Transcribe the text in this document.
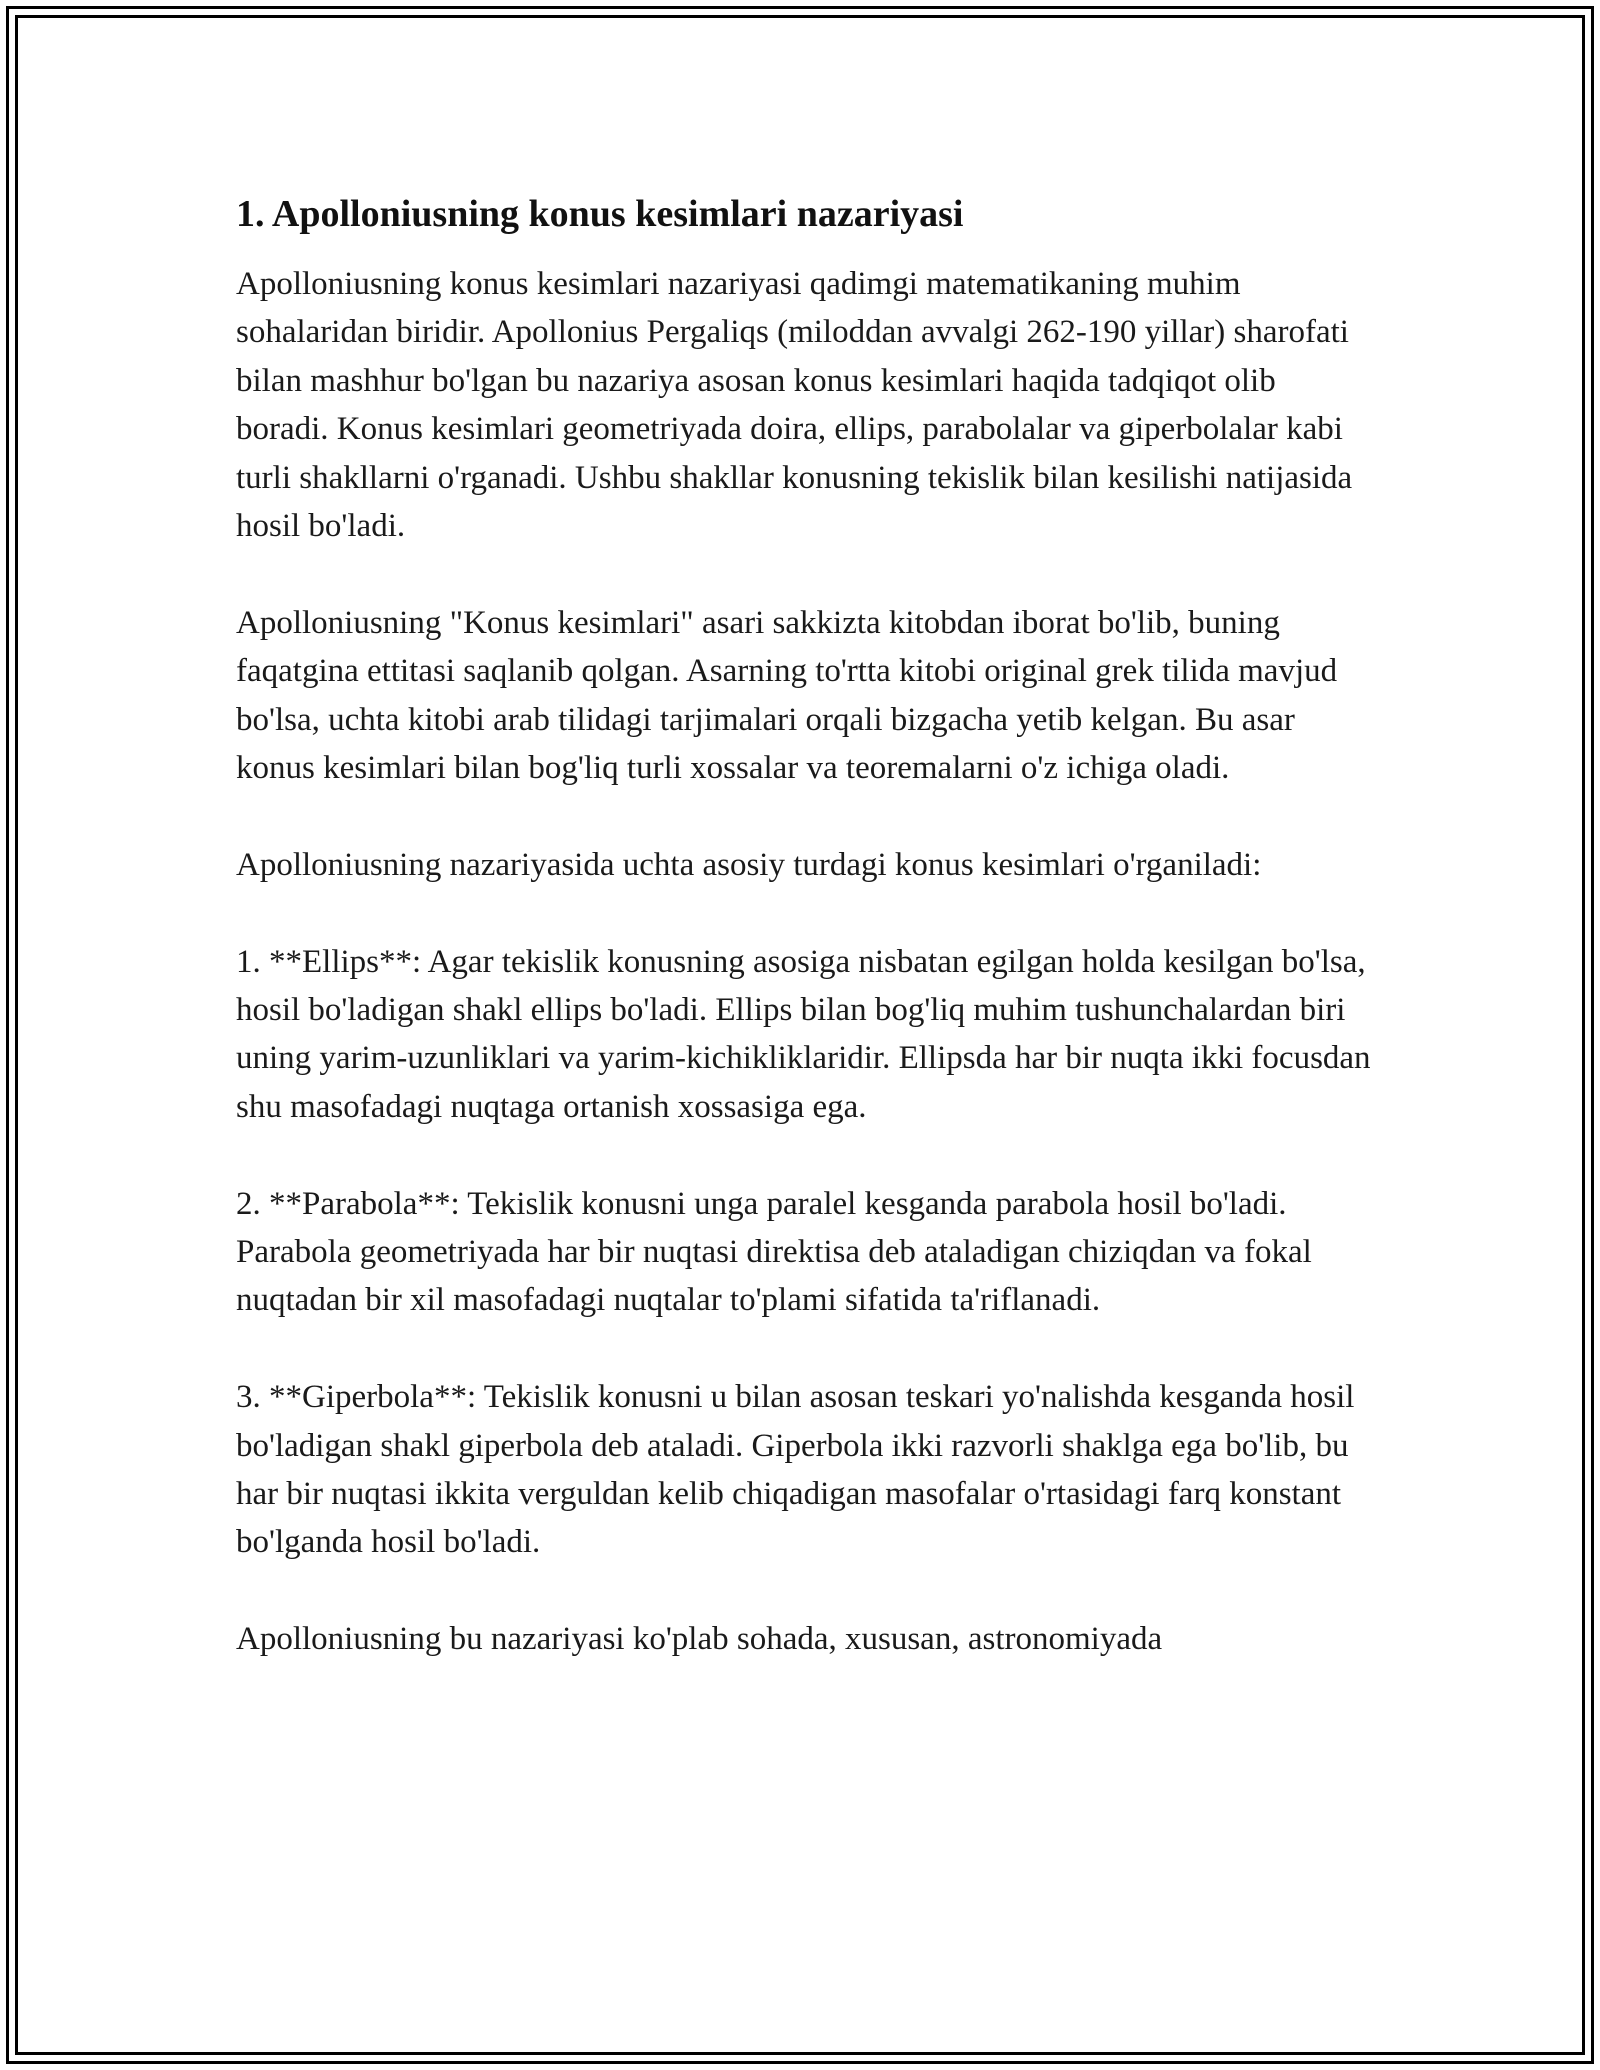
1. Apolloniusning konus kesimlari nazariyasi

Apolloniusning konus kesimlari nazariyasi qadimgi matematikaning muhim sohalaridan biridir. Apollonius Pergaliqs (miloddan avvalgi 262-190 yillar) sharofati bilan mashhur bo'lgan bu nazariya asosan konus kesimlari haqida tadqiqot olib boradi. Konus kesimlari geometriyada doira, ellips, parabolalar va giperbolalar kabi turli shakllarni o'rganadi. Ushbu shakllar konusning tekislik bilan kesilishi natijasida hosil bo'ladi.

Apolloniusning "Konus kesimlari" asari sakkizta kitobdan iborat bo'lib, buning faqatgina ettitasi saqlanib qolgan. Asarning to'rtta kitobi original grek tilida mavjud bo'lsa, uchta kitobi arab tilidagi tarjimalari orqali bizgacha yetib kelgan. Bu asar konus kesimlari bilan bog'liq turli xossalar va teoremalarni o'z ichiga oladi.

Apolloniusning nazariyasida uchta asosiy turdagi konus kesimlari o'rganiladi:

1. **Ellips**: Agar tekislik konusning asosiga nisbatan egilgan holda kesilgan bo'lsa, hosil bo'ladigan shakl ellips bo'ladi. Ellips bilan bog'liq muhim tushunchalardan biri uning yarim-uzunliklari va yarim-kichikliklaridir. Ellipsda har bir nuqta ikki focusdan shu masofadagi nuqtaga ortanish xossasiga ega.

2. **Parabola**: Tekislik konusni unga paralel kesganda parabola hosil bo'ladi. Parabola geometriyada har bir nuqtasi direktisa deb ataladigan chiziqdan va fokal nuqtadan bir xil masofadagi nuqtalar to'plami sifatida ta'riflanadi.

3. **Giperbola**: Tekislik konusni u bilan asosan teskari yo'nalishda kesganda hosil bo'ladigan shakl giperbola deb ataladi. Giperbola ikki razvorli shaklga ega bo'lib, bu har bir nuqtasi ikkita verguldan kelib chiqadigan masofalar o'rtasidagi farq konstant bo'lganda hosil bo'ladi.

Apolloniusning bu nazariyasi ko'plab sohada, xususan, astronomiyada
